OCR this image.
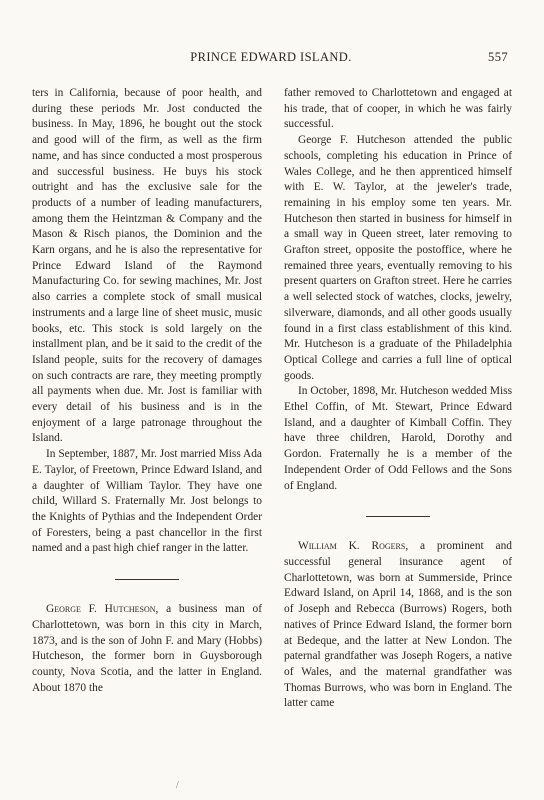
PRINCE EDWARD ISLAND.	557

ters in California, because of poor health, and during these periods Mr. Jost conducted the business. In May, 1896, he bought out the stock and good will of the firm, as well as the firm name, and has since conducted a most prosperous and successful business. He buys his stock outright and has the exclusive sale for the products of a number of leading manufacturers, among them the Heintzman & Company and the Mason & Risch pianos, the Dominion and the Karn organs, and he is also the representative for Prince Edward Island of the Raymond Manufacturing Co. for sewing machines, Mr. Jost also carries a complete stock of small musical instruments and a large line of sheet music, music books, etc. This stock is sold largely on the installment plan, and be it said to the credit of the Island people, suits for the recovery of damages on such contracts are rare, they meeting promptly all payments when due. Mr. Jost is familiar with every detail of his business and is in the enjoyment of a large patronage throughout the Island.

In September, 1887, Mr. Jost married Miss Ada E. Taylor, of Freetown, Prince Edward Island, and a daughter of William Taylor. They have one child, Willard S. Fraternally Mr. Jost belongs to the Knights of Pythias and the Independent Order of Foresters, being a past chancellor in the first named and a past high chief ranger in the latter.

George F. Hutcheson, a business man of Charlottetown, was born in this city in March, 1873, and is the son of John F. and Mary (Hobbs) Hutcheson, the former born in Guysborough county, Nova Scotia, and the latter in England. About 1870 the

father removed to Charlottetown and engaged at his trade, that of cooper, in which he was fairly successful.

George F. Hutcheson attended the public schools, completing his education in Prince of Wales College, and he then apprenticed himself with E. W. Taylor, at the jeweler's trade, remaining in his employ some ten years. Mr. Hutcheson then started in business for himself in a small way in Queen street, later removing to Grafton street, opposite the postoffice, where he remained three years, eventually removing to his present quarters on Grafton street. Here he carries a well selected stock of watches, clocks, jewelry, silverware, diamonds, and all other goods usually found in a first class establishment of this kind. Mr. Hutcheson is a graduate of the Philadelphia Optical College and carries a full line of optical goods.

In October, 1898, Mr. Hutcheson wedded Miss Ethel Coffin, of Mt. Stewart, Prince Edward Island, and a daughter of Kimball Coffin. They have three children, Harold, Dorothy and Gordon. Fraternally he is a member of the Independent Order of Odd Fellows and the Sons of England.

William K. Rogers, a prominent and successful general insurance agent of Charlottetown, was born at Summerside, Prince Edward Island, on April 14, 1868, and is the son of Joseph and Rebecca (Burrows) Rogers, both natives of Prince Edward Island, the former born at Bedeque, and the latter at New London. The paternal grandfather was Joseph Rogers, a native of Wales, and the maternal grandfather was Thomas Burrows, who was born in England. The latter came

/
